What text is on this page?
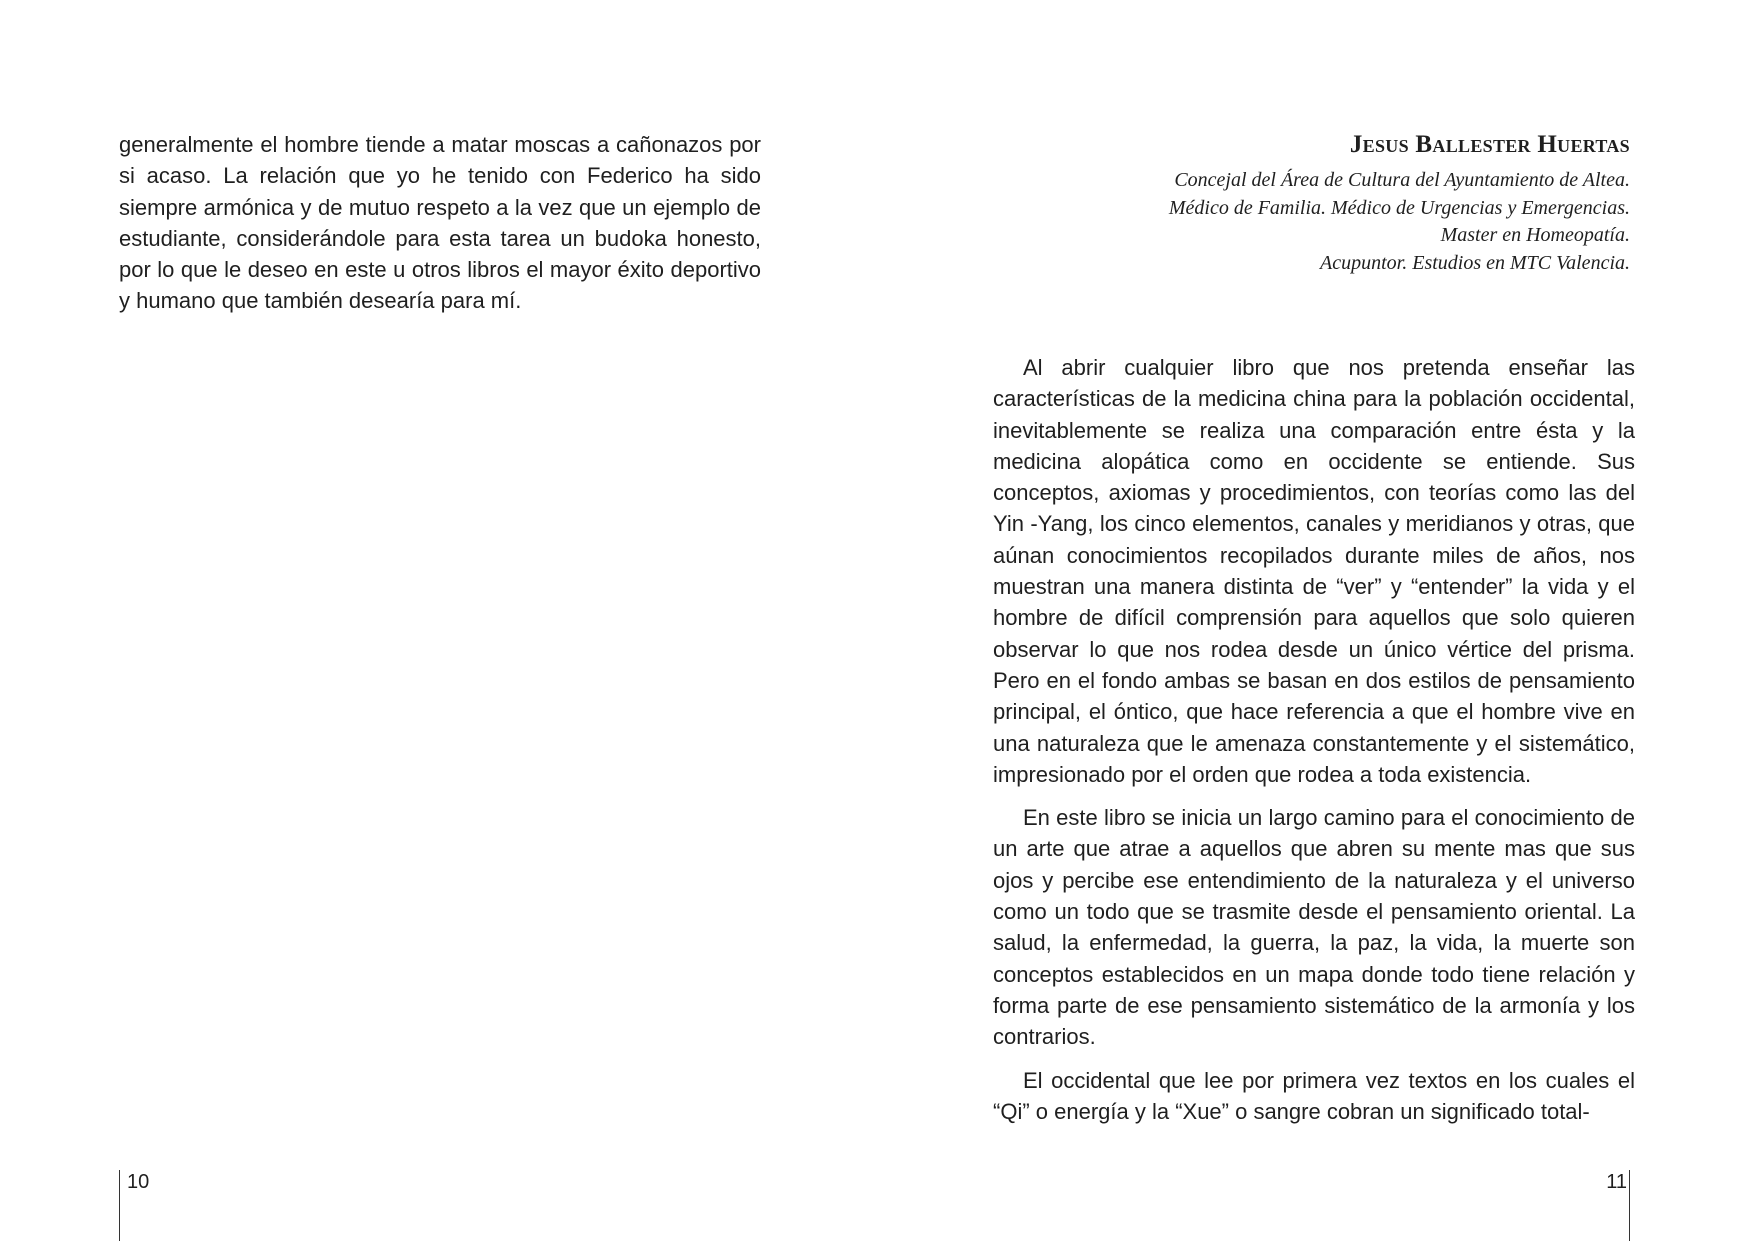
generalmente el hombre tiende a matar moscas a cañonazos por si acaso. La relación que yo he tenido con Federico ha sido siempre armónica y de mutuo respeto a la vez que un ejemplo de estudiante, considerándole para esta tarea un budoka honesto, por lo que le deseo en este u otros libros el mayor éxito deportivo y humano que también desearía para mí.

10

Jesus Ballester Huertas

Concejal del Área de Cultura del Ayuntamiento de Altea.

Médico de Familia. Médico de Urgencias y Emergencias.

Master en Homeopatía.

Acupuntor. Estudios en MTC Valencia.

Al abrir cualquier libro que nos pretenda enseñar las características de la medicina china para la población occidental, inevitablemente se realiza una comparación entre ésta y la medicina alopática como en occidente se entiende. Sus conceptos, axiomas y procedimientos, con teorías como las del Yin -Yang, los cinco elementos, canales y meridianos y otras, que aúnan conocimientos recopilados durante miles de años, nos muestran una manera distinta de “ver” y “entender” la vida y el hombre de difícil comprensión para aquellos que solo quieren observar lo que nos rodea desde un único vértice del prisma. Pero en el fondo ambas se basan en dos estilos de pensamiento principal, el óntico, que hace referencia a que el hombre vive en una naturaleza que le amenaza constantemente y el sistemático, impresionado por el orden que rodea a toda existencia.

En este libro se inicia un largo camino para el conocimiento de un arte que atrae a aquellos que abren su mente mas que sus ojos y percibe ese entendimiento de la naturaleza y el universo como un todo que se trasmite desde el pensamiento oriental. La salud, la enfermedad, la guerra, la paz, la vida, la muerte son conceptos establecidos en un mapa donde todo tiene relación y forma parte de ese pensamiento sistemático de la armonía y los contrarios.

El occidental que lee por primera vez textos en los cuales el “Qi” o energía y la “Xue” o sangre cobran un significado total-

11
